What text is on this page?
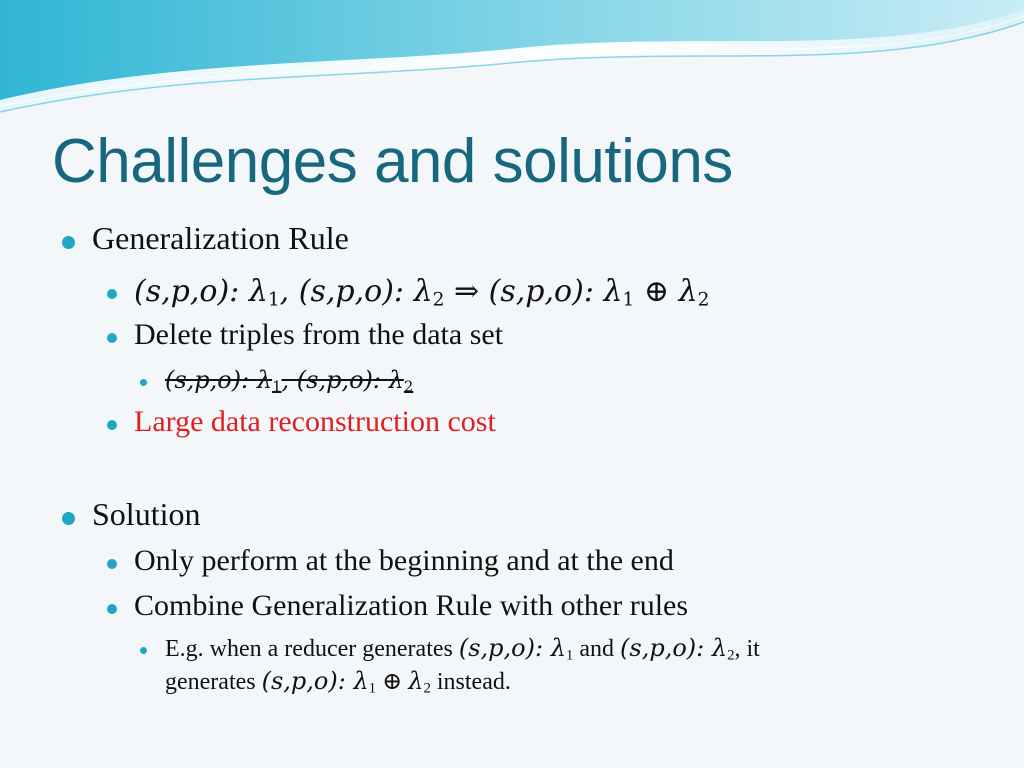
Challenges and solutions
Generalization Rule
(s,p,o): $\lambda_1$, (s,p,o): $\lambda_2$ ⇒ (s,p,o): $\lambda_1$ ⊕ $\lambda_2$
Delete triples from the data set
(s,p,o): $\lambda_1$, (s,p,o): $\lambda_2$
Large data reconstruction cost
Solution
Only perform at the beginning and at the end
Combine Generalization Rule with other rules
E.g. when a reducer generates (s,p,o): $\lambda_1$ and (s,p,o): $\lambda_2$, it
generates (s,p,o): $\lambda_1$ ⊕ $\lambda_2$ instead.
